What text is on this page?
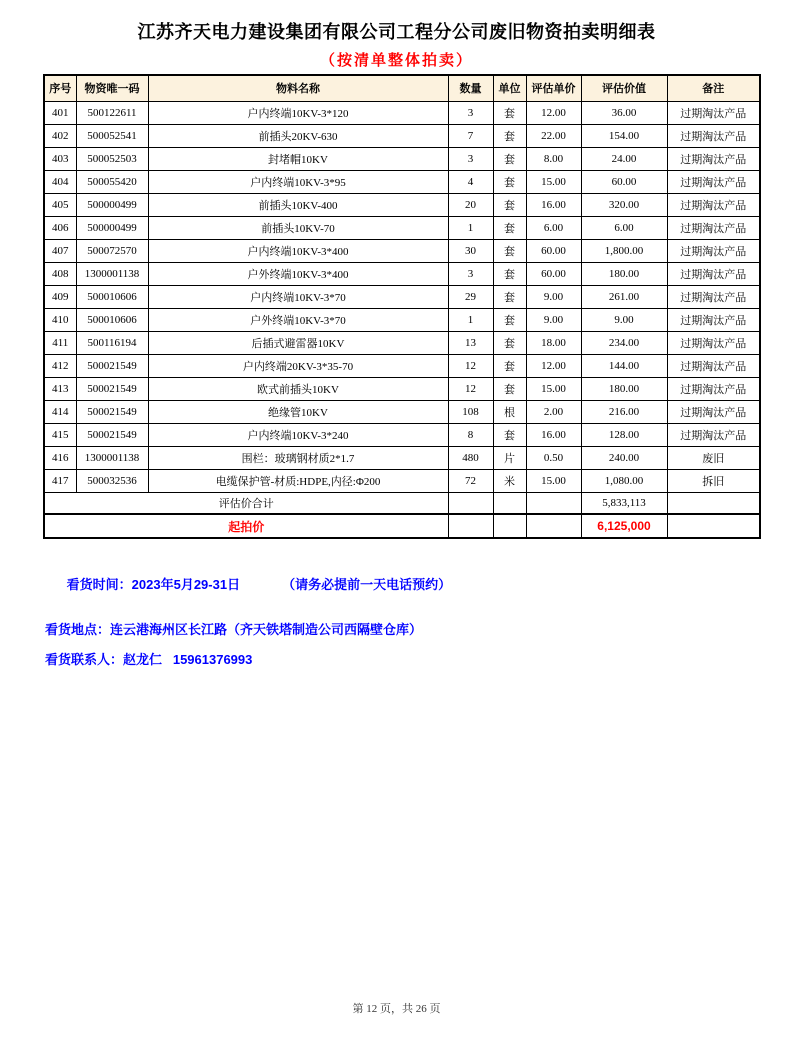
江苏齐天电力建设集团有限公司工程分公司废旧物资拍卖明细表
（按清单整体拍卖）
序号	物资唯一码	物料名称	数量	单位	评估单价	评估价值	备注
401	500122611	户内终端10KV-3*120	3	套	12.00	36.00	过期淘汰产品
402	500052541	前插头20KV-630	7	套	22.00	154.00	过期淘汰产品
403	500052503	封堵帽10KV	3	套	8.00	24.00	过期淘汰产品
404	500055420	户内终端10KV-3*95	4	套	15.00	60.00	过期淘汰产品
405	500000499	前插头10KV-400	20	套	16.00	320.00	过期淘汰产品
406	500000499	前插头10KV-70	1	套	6.00	6.00	过期淘汰产品
407	500072570	户内终端10KV-3*400	30	套	60.00	1,800.00	过期淘汰产品
408	1300001138	户外终端10KV-3*400	3	套	60.00	180.00	过期淘汰产品
409	500010606	户内终端10KV-3*70	29	套	9.00	261.00	过期淘汰产品
410	500010606	户外终端10KV-3*70	1	套	9.00	9.00	过期淘汰产品
411	500116194	后插式避雷器10KV	13	套	18.00	234.00	过期淘汰产品
412	500021549	户内终端20KV-3*35-70	12	套	12.00	144.00	过期淘汰产品
413	500021549	欧式前插头10KV	12	套	15.00	180.00	过期淘汰产品
414	500021549	绝缘管10KV	108	根	2.00	216.00	过期淘汰产品
415	500021549	户内终端10KV-3*240	8	套	16.00	128.00	过期淘汰产品
416	1300001138	围栏：玻璃钢材质2*1.7	480	片	0.50	240.00	废旧
417	500032536	电缆保护管-材质:HDPE,内径:Φ200	72	米	15.00	1,080.00	拆旧
评估价合计						5,833,113	
起拍价						6,125,000	

看货时间：2023年5月29-31日	（请务必提前一天电话预约）

看货地点：连云港海州区长江路（齐天铁塔制造公司西隔壁仓库）
看货联系人：赵龙仁   15961376993
第 12 页，共 26 页
